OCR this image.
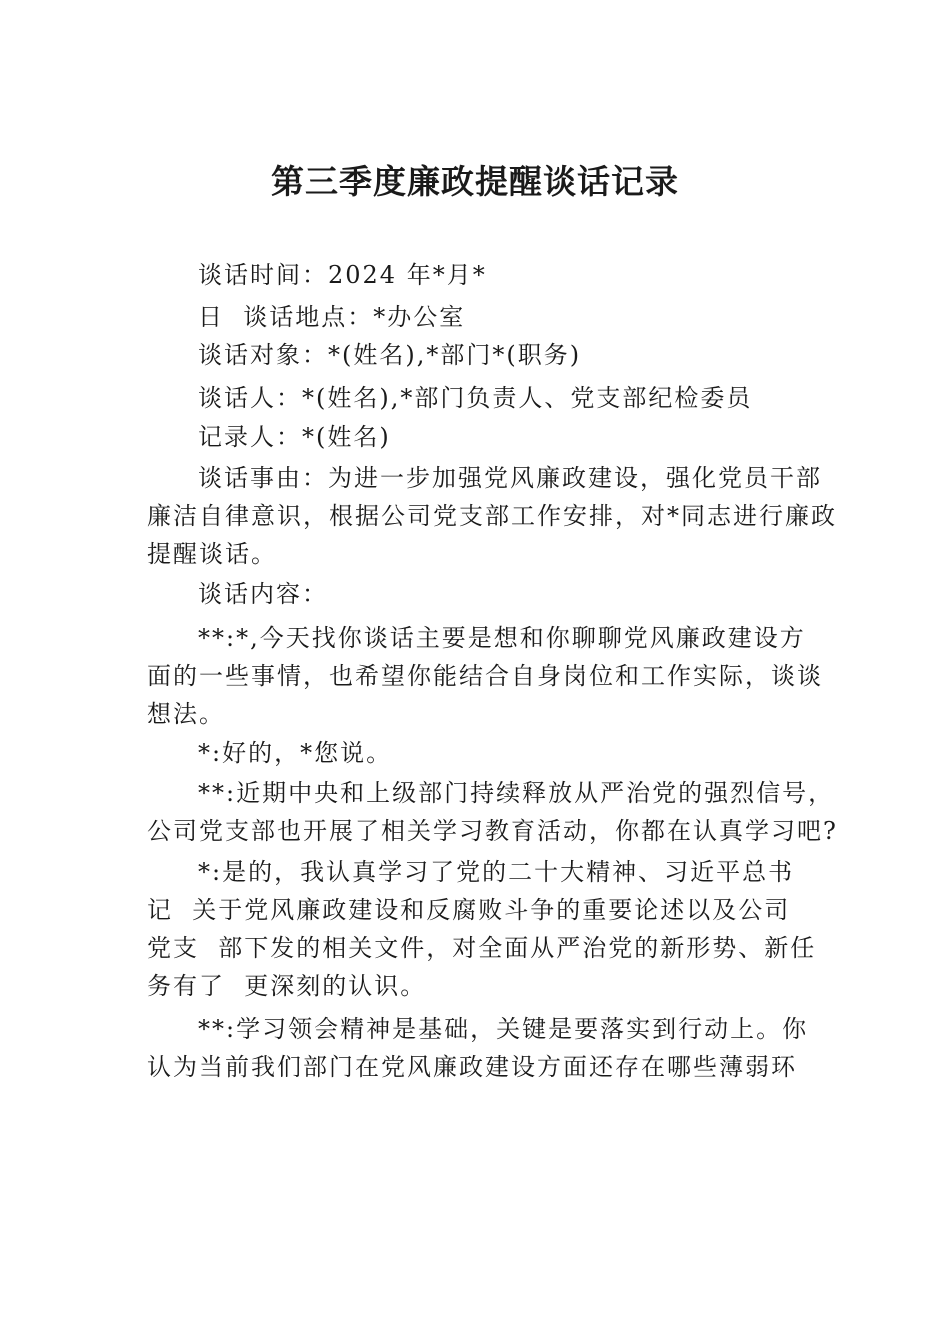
第三季度廉政提醒谈话记录
谈话时间：2024 年*月*
日  谈话地点：*办公室
谈话对象：*(姓名),*部门*(职务)
谈话人：*(姓名),*部门负责人、党支部纪检委员
记录人：*(姓名)
谈话事由：为进一步加强党风廉政建设，强化党员干部
廉洁自律意识，根据公司党支部工作安排，对*同志进行廉政
提醒谈话。
谈话内容：
**:*,今天找你谈话主要是想和你聊聊党风廉政建设方
面的一些事情，也希望你能结合自身岗位和工作实际，谈谈
想法。
*:好的，*您说。
**:近期中央和上级部门持续释放从严治党的强烈信号，
公司党支部也开展了相关学习教育活动，你都在认真学习吧?
*:是的，我认真学习了党的二十大精神、习近平总书
记  关于党风廉政建设和反腐败斗争的重要论述以及公司
党支  部下发的相关文件，对全面从严治党的新形势、新任
务有了  更深刻的认识。
**:学习领会精神是基础，关键是要落实到行动上。你
认为当前我们部门在党风廉政建设方面还存在哪些薄弱环
